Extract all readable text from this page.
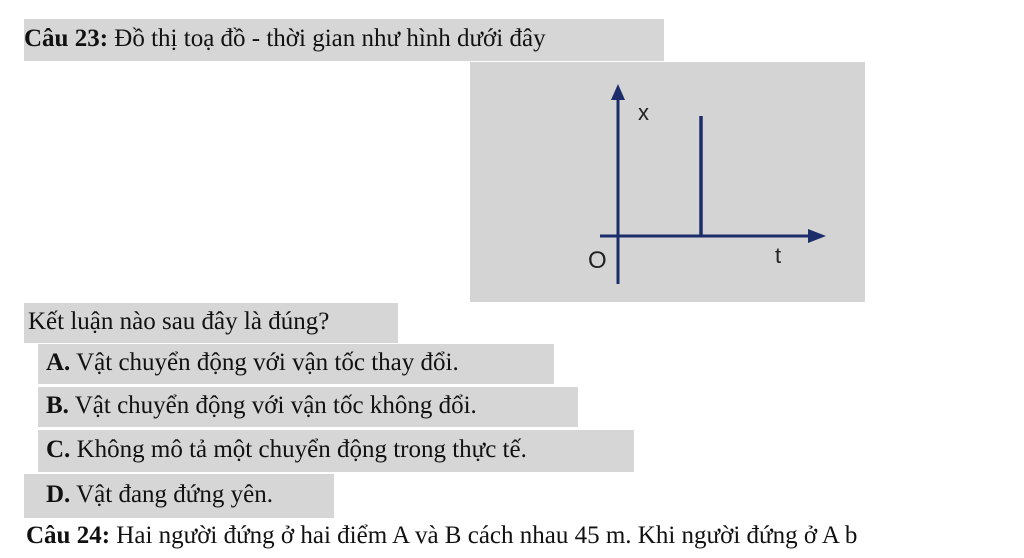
Câu 23: Đồ thị toạ đồ - thời gian như hình dưới đây
x
t
O
Kết luận nào sau đây là đúng?
A. Vật chuyển động với vận tốc thay đổi.
B. Vật chuyển động với vận tốc không đổi.
C. Không mô tả một chuyển động trong thực tế.
D. Vật đang đứng yên.
Câu 24: Hai người đứng ở hai điểm A và B cách nhau 45 m. Khi người đứng ở A b
